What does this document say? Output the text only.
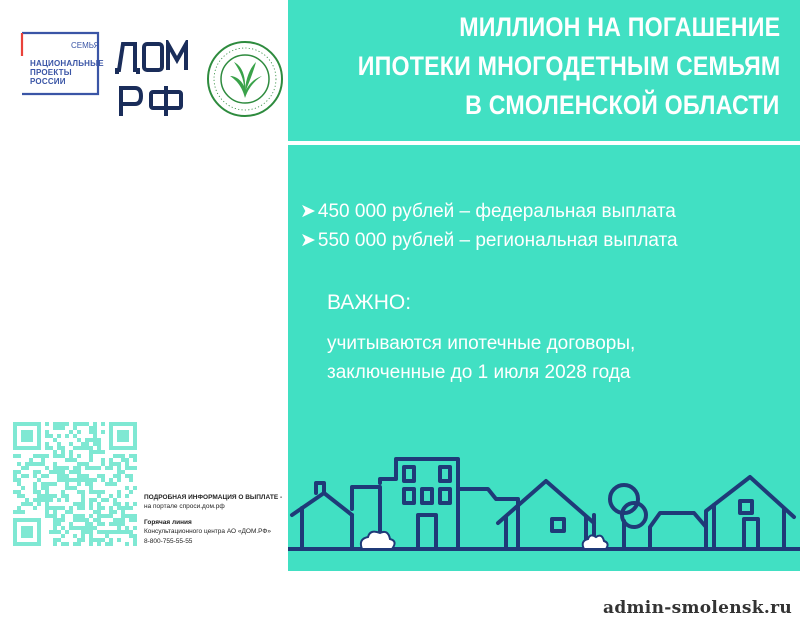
МИЛЛИОН НА ПОГАШЕНИЕ
ИПОТЕКИ МНОГОДЕТНЫМ СЕМЬЯМ
В СМОЛЕНСКОЙ ОБЛАСТИ
СЕМЬЯ
НАЦИОНАЛЬНЫЕ
ПРОЕКТЫ
РОССИИ
➤ 450 000 рублей – федеральная выплата
➤ 550 000 рублей – региональная выплата
ВАЖНО:
учитываются ипотечные договоры,
заключенные до 1 июля 2028 года
ПОДРОБНАЯ ИНФОРМАЦИЯ О ВЫПЛАТЕ -
на портале спроси.дом.рф
Горячая линия
Консультационного центра АО «ДОМ.РФ»
8-800-755-55-55
admin-smolensk.ru
